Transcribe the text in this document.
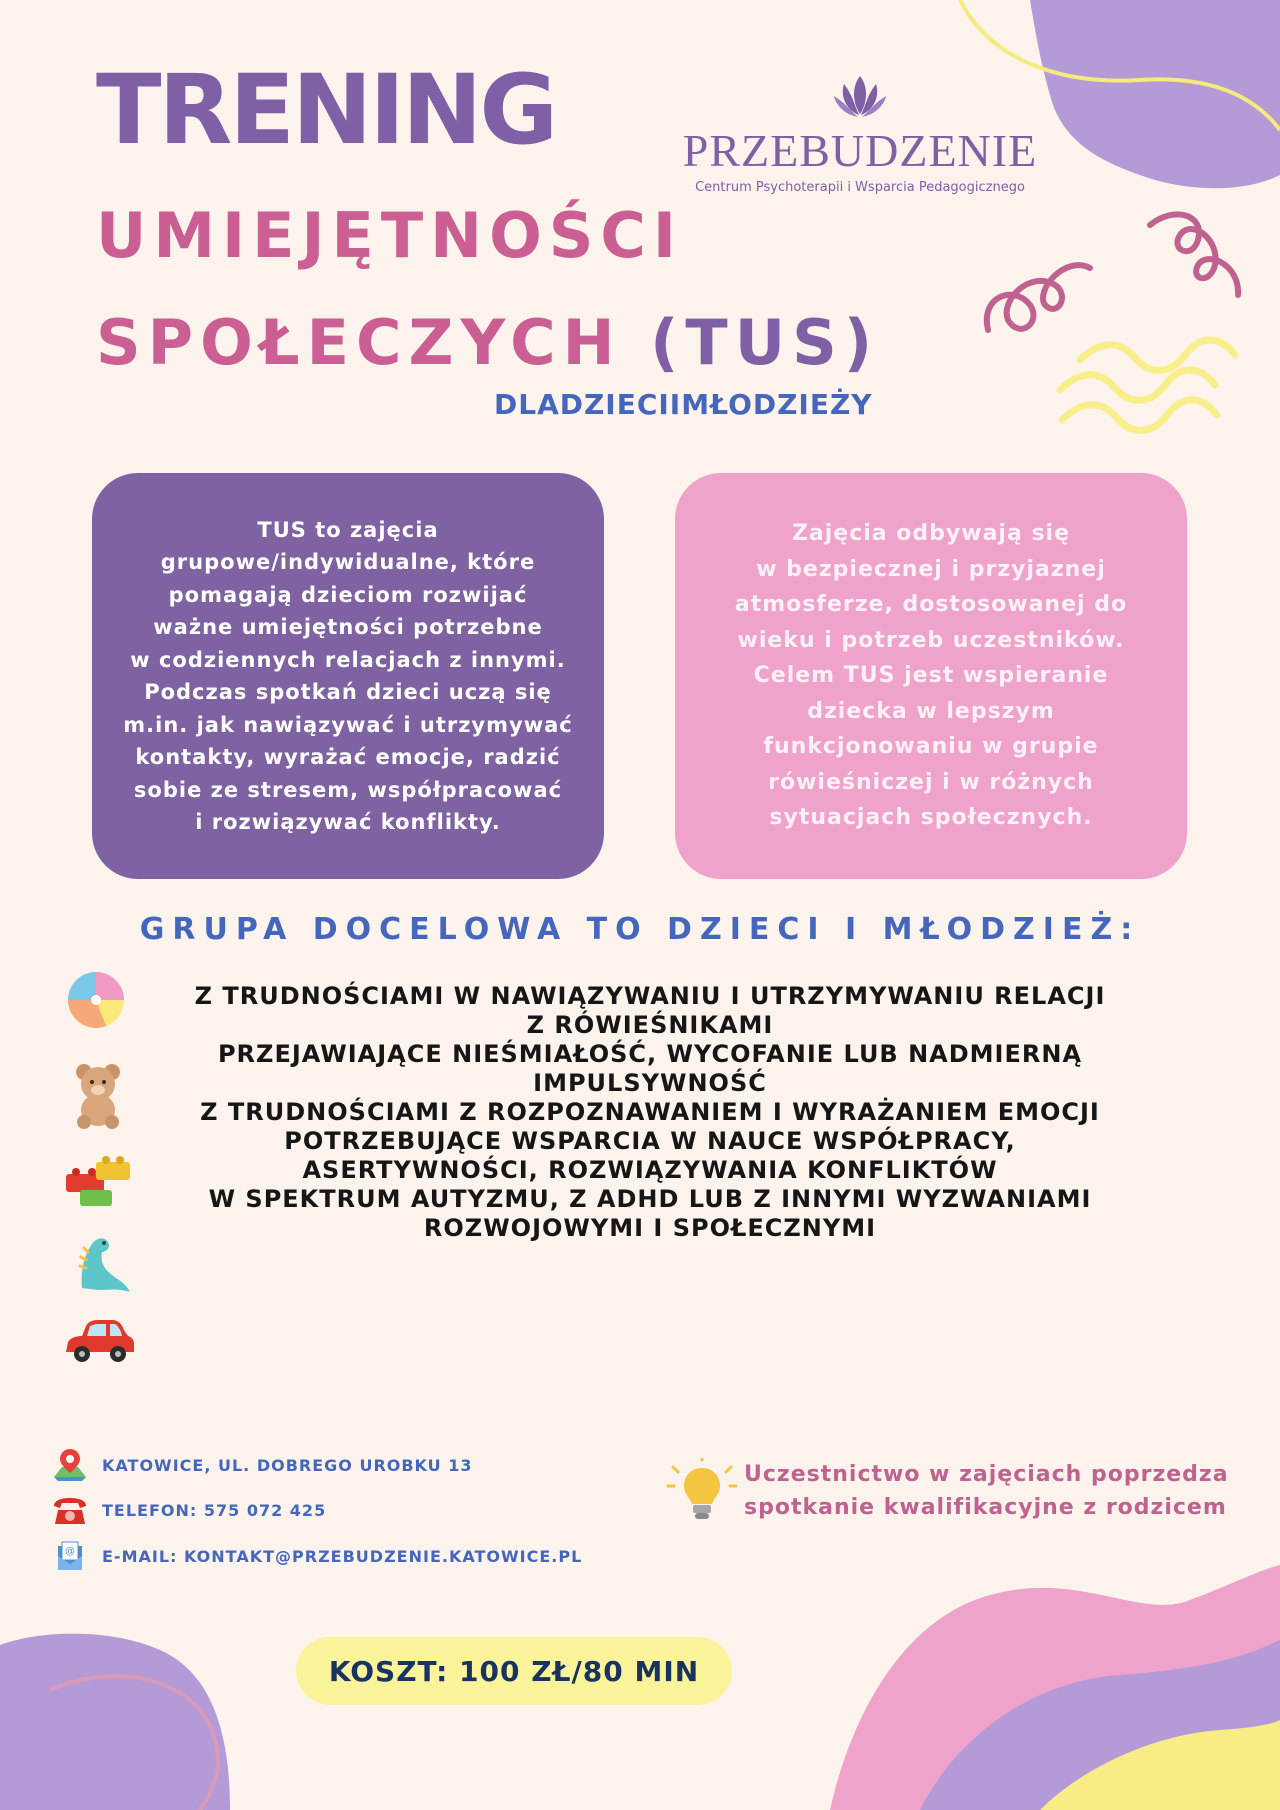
TRENING
UMIEJĘTNOŚCI
SPOŁECZYCH (TUS)
DLADZIECIIMŁODZIEŻY
PRZEBUDZENIE
Centrum Psychoterapii i Wsparcia Pedagogicznego

TUS to zajęcia
grupowe/indywidualne, które
pomagają dzieciom rozwijać
ważne umiejętności potrzebne
w codziennych relacjach z innymi.
Podczas spotkań dzieci uczą się
m.in. jak nawiązywać i utrzymywać
kontakty, wyrażać emocje, radzić
sobie ze stresem, współpracować
i rozwiązywać konflikty.

Zajęcia odbywają się
w bezpiecznej i przyjaznej
atmosferze, dostosowanej do
wieku i potrzeb uczestników.
Celem TUS jest wspieranie
dziecka w lepszym
funkcjonowaniu w grupie
rówieśniczej i w różnych
sytuacjach społecznych.

GRUPA DOCELOWA TO DZIECI I MŁODZIEŻ:
Z TRUDNOŚCIAMI W NAWIĄZYWANIU I UTRZYMYWANIU RELACJI
Z RÓWIEŚNIKAMI
PRZEJAWIAJĄCE NIEŚMIAŁOŚĆ, WYCOFANIE LUB NADMIERNĄ
IMPULSYWNOŚĆ
Z TRUDNOŚCIAMI Z ROZPOZNAWANIEM I WYRAŻANIEM EMOCJI
POTRZEBUJĄCE WSPARCIA W NAUCE WSPÓŁPRACY,
ASERTYWNOŚCI, ROZWIĄZYWANIA KONFLIKTÓW
W SPEKTRUM AUTYZMU, Z ADHD LUB Z INNYMI WYZWANIAMI
ROZWOJOWYMI I SPOŁECZNYMI
KATOWICE, UL. DOBREGO UROBKU 13
TELEFON: 575 072 425
@ E-MAIL: KONTAKT@PRZEBUDZENIE.KATOWICE.PL
Uczestnictwo w zajęciach poprzedza
spotkanie kwalifikacyjne z rodzicem
KOSZT: 100 ZŁ/80 MIN
